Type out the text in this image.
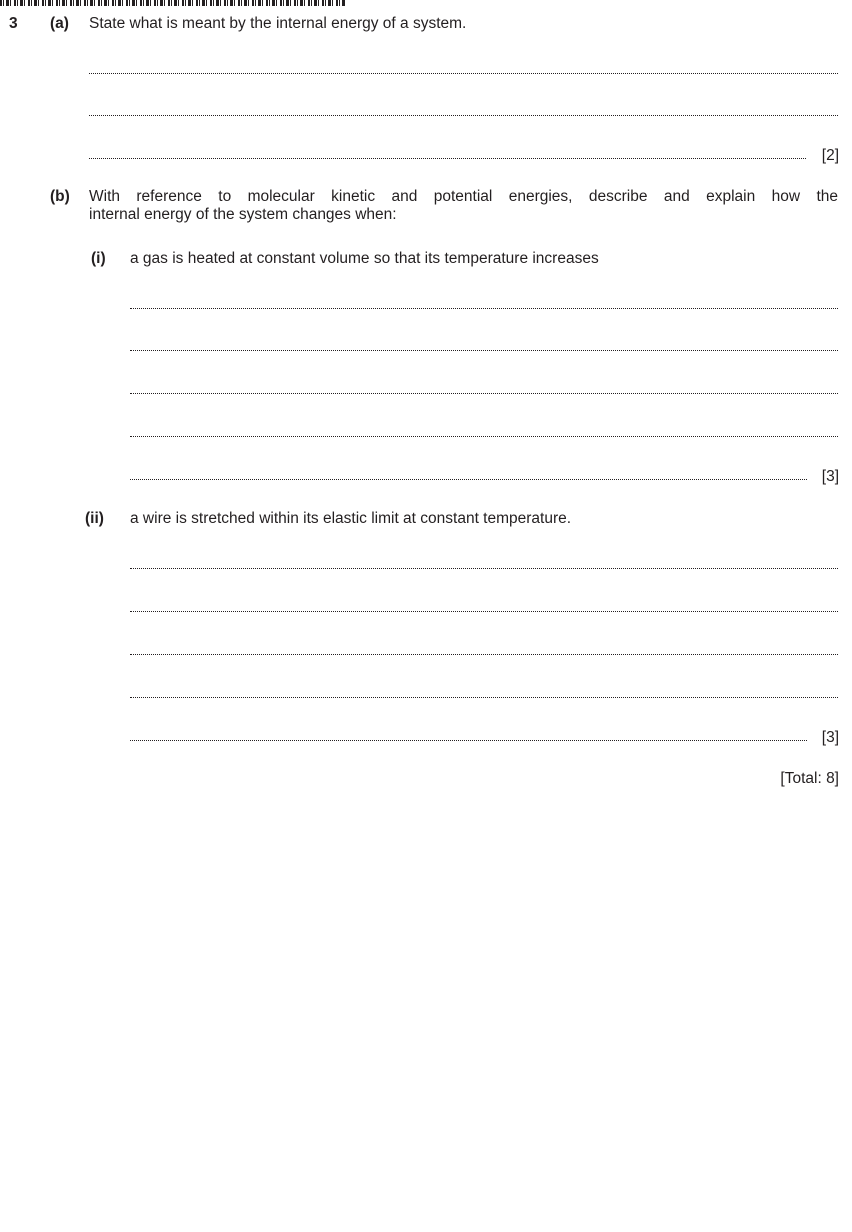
3 (a) State what is meant by the internal energy of a system.
[2]
(b) With reference to molecular kinetic and potential energies, describe and explain how the
internal energy of the system changes when:
(i) a gas is heated at constant volume so that its temperature increases
[3]
(ii) a wire is stretched within its elastic limit at constant temperature.
[3]
[Total: 8]
